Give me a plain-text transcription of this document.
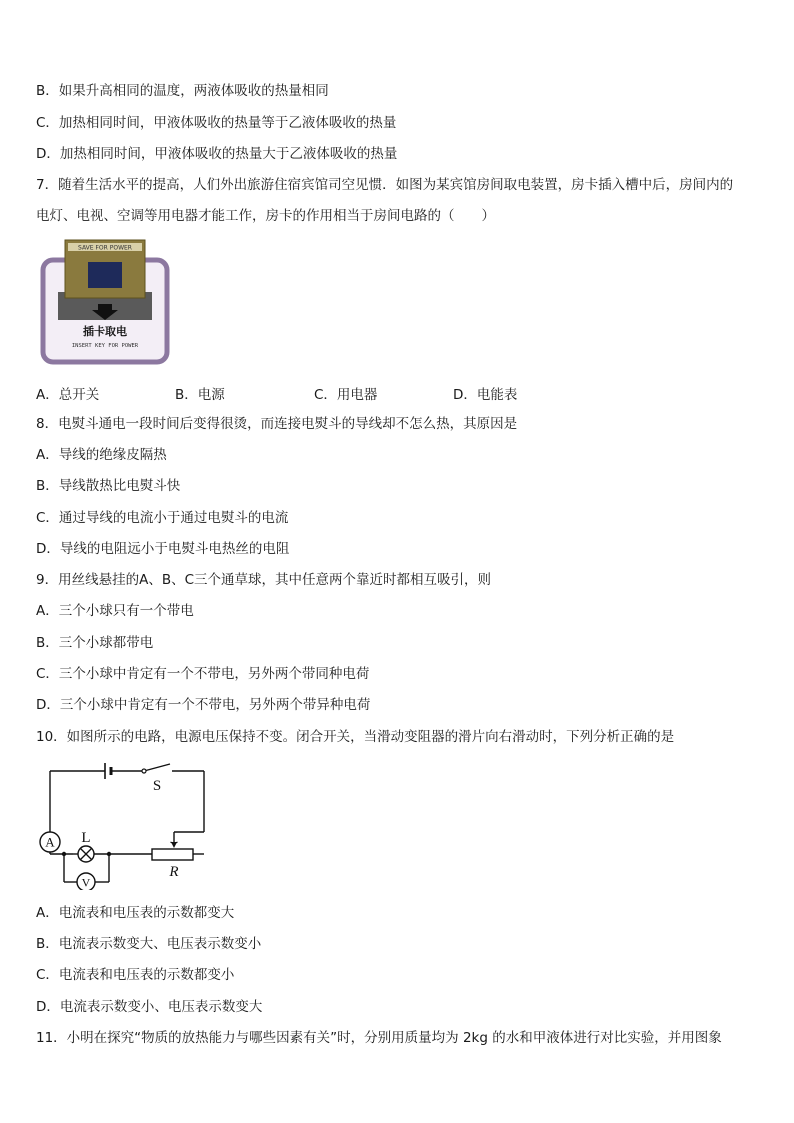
B．如果升高相同的温度，两液体吸收的热量相同
C．加热相同时间，甲液体吸收的热量等于乙液体吸收的热量
D．加热相同时间，甲液体吸收的热量大于乙液体吸收的热量
7．随着生活水平的提高，人们外出旅游住宿宾馆司空见惯．如图为某宾馆房间取电装置，房卡插入槽中后，房间内的
电灯、电视、空调等用电器才能工作，房卡的作用相当于房间电路的（　　）
SAVE FOR POWER
插卡取电
INSERT KEY FOR POWER
A．总开关	B．电源	C．用电器	D．电能表
8．电熨斗通电一段时间后变得很烫，而连接电熨斗的导线却不怎么热，其原因是
A．导线的绝缘皮隔热
B．导线散热比电熨斗快
C．通过导线的电流小于通过电熨斗的电流
D．导线的电阻远小于电熨斗电热丝的电阻
9．用丝线悬挂的A、B、C三个通草球，其中任意两个靠近时都相互吸引，则
A．三个小球只有一个带电
B．三个小球都带电
C．三个小球中肯定有一个不带电，另外两个带同种电荷
D．三个小球中肯定有一个不带电，另外两个带异种电荷
10．如图所示的电路，电源电压保持不变。闭合开关，当滑动变阻器的滑片向右滑动时，下列分析正确的是
A L
V
R
S
A．电流表和电压表的示数都变大
B．电流表示数变大、电压表示数变小
C．电流表和电压表的示数都变小
D．电流表示数变小、电压表示数变大
11．小明在探究“物质的放热能力与哪些因素有关”时，分别用质量均为 2kg 的水和甲液体进行对比实验，并用图象
